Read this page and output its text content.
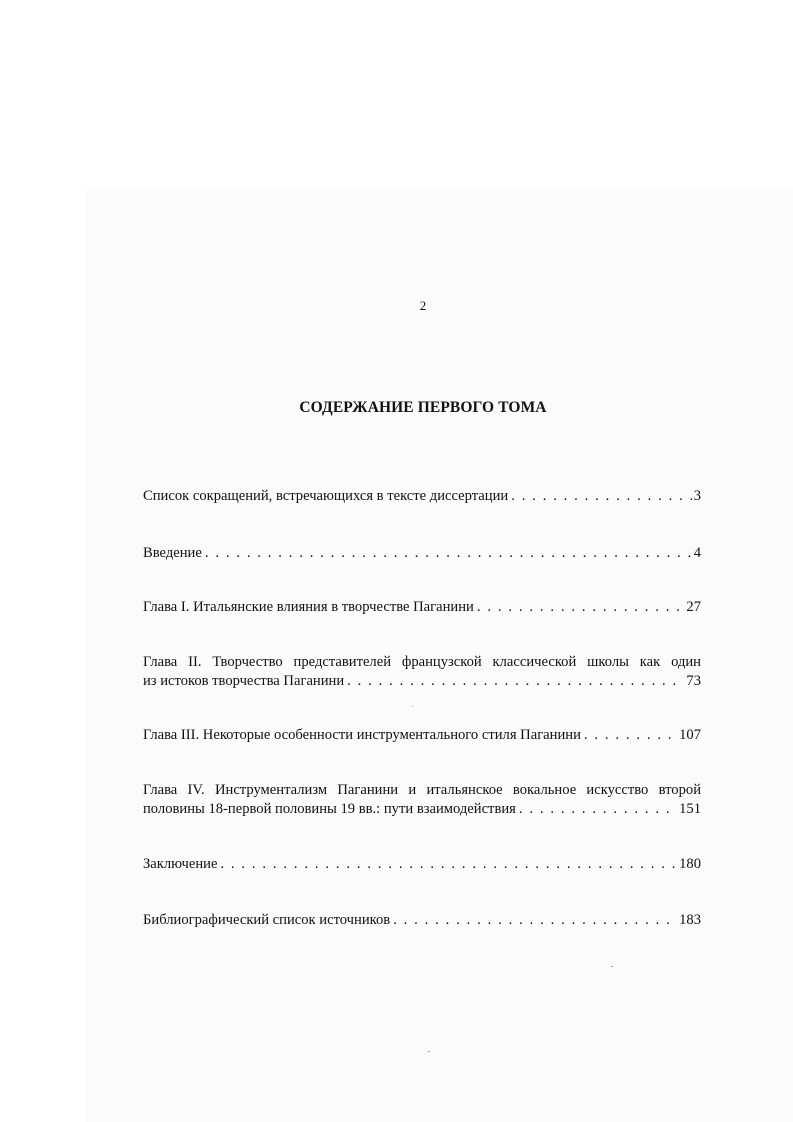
2
СОДЕРЖАНИЕ ПЕРВОГО ТОМА
Список сокращений, встречающихся в тексте диссертации . . .	3
Введение . . .	4
Глава I. Итальянские влияния в творчестве Паганини . . .	27
Глава II. Творчество представителей французской классической школы как один
из истоков творчества Паганини . . .	73
Глава III. Некоторые особенности инструментального стиля Паганини . . .	107
Глава IV. Инструментализм Паганини и итальянское вокальное искусство второй
половины 18-первой половины 19 вв.: пути взаимодействия . . .	151
Заключение . . .	180
Библиографический список источников . . .	183
